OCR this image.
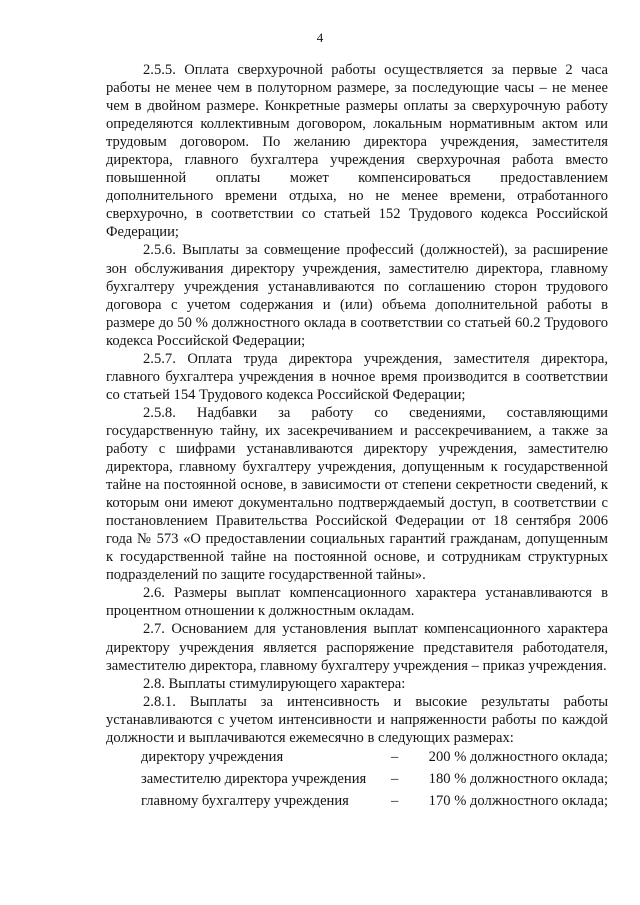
4

2.5.5. Оплата сверхурочной работы осуществляется за первые 2 часа работы не менее чем в полуторном размере, за последующие часы – не менее чем в двойном размере. Конкретные размеры оплаты за сверхурочную работу определяются коллективным договором, локальным нормативным актом или трудовым договором. По желанию директора учреждения, заместителя директора, главного бухгалтера учреждения сверхурочная работа вместо повышенной оплаты может компенсироваться предоставлением дополнительного времени отдыха, но не менее времени, отработанного сверхурочно, в соответствии со статьей 152 Трудового кодекса Российской Федерации;

2.5.6. Выплаты за совмещение профессий (должностей), за расширение зон обслуживания директору учреждения, заместителю директора, главному бухгалтеру учреждения устанавливаются по соглашению сторон трудового договора с учетом содержания и (или) объема дополнительной работы в размере до 50 % должностного оклада в соответствии со статьей 60.2 Трудового кодекса Российской Федерации;

2.5.7. Оплата труда директора учреждения, заместителя директора, главного бухгалтера учреждения в ночное время производится в соответствии со статьей 154 Трудового кодекса Российской Федерации;

2.5.8. Надбавки за работу со сведениями, составляющими государственную тайну, их засекречиванием и рассекречиванием, а также за работу с шифрами устанавливаются директору учреждения, заместителю директора, главному бухгалтеру учреждения, допущенным к государственной тайне на постоянной основе, в зависимости от степени секретности сведений, к которым они имеют документально подтверждаемый доступ, в соответствии с постановлением Правительства Российской Федерации от 18 сентября 2006 года № 573 «О предоставлении социальных гарантий гражданам, допущенным к государственной тайне на постоянной основе, и сотрудникам структурных подразделений по защите государственной тайны».

2.6. Размеры выплат компенсационного характера устанавливаются в процентном отношении к должностным окладам.

2.7. Основанием для установления выплат компенсационного характера директору учреждения является распоряжение представителя работодателя, заместителю директора, главному бухгалтеру учреждения – приказ учреждения.

2.8. Выплаты стимулирующего характера:

2.8.1. Выплаты за интенсивность и высокие результаты работы устанавливаются с учетом интенсивности и напряженности работы по каждой должности и выплачиваются ежемесячно в следующих размерах:

директору учреждения	– 200 % должностного оклада;
заместителю директора учреждения – 180 % должностного оклада;
главному бухгалтеру учреждения	– 170 % должностного оклада;
